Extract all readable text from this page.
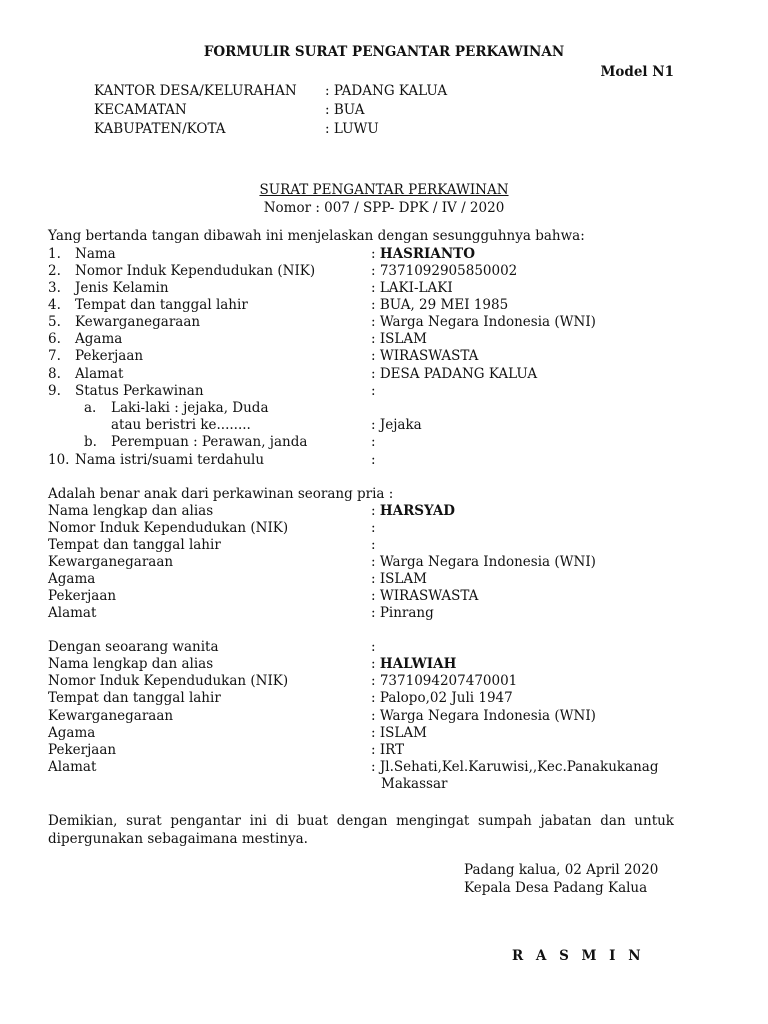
FORMULIR SURAT PENGANTAR PERKAWINAN
Model N1
KANTOR DESA/KELURAHAN : PADANG KALUA
KECAMATAN	: BUA
KABUPATEN/KOTA	: LUWU
SURAT PENGANTAR PERKAWINAN
Nomor : 007 / SPP- DPK / IV / 2020
Yang bertanda tangan dibawah ini menjelaskan dengan sesungguhnya bahwa:
1. Nama	: HASRIANTO
2. Nomor Induk Kependudukan (NIK)	: 7371092905850002
3. Jenis Kelamin	: LAKI-LAKI
4. Tempat dan tanggal lahir	: BUA, 29 MEI 1985
5. Kewarganegaraan	: Warga Negara Indonesia (WNI)
6. Agama	: ISLAM
7. Pekerjaan	: WIRASWASTA
8. Alamat	: DESA PADANG KALUA
9. Status Perkawinan	:
a. Laki-laki : jejaka, Duda
atau beristri ke........	: Jejaka
b. Perempuan : Perawan, janda	:
10. Nama istri/suami terdahulu	:
Adalah benar anak dari perkawinan seorang pria :
Nama lengkap dan alias	: HARSYAD
Nomor Induk Kependudukan (NIK)	:
Tempat dan tanggal lahir	:
Kewarganegaraan	: Warga Negara Indonesia (WNI)
Agama	: ISLAM
Pekerjaan	: WIRASWASTA
Alamat	: Pinrang
Dengan seoarang wanita	:
Nama lengkap dan alias	: HALWIAH
Nomor Induk Kependudukan (NIK)	: 7371094207470001
Tempat dan tanggal lahir	: Palopo,02 Juli 1947
Kewarganegaraan	: Warga Negara Indonesia (WNI)
Agama	: ISLAM
Pekerjaan	: IRT
Alamat	: Jl.Sehati,Kel.Karuwisi,,Kec.Panakukanag
Makassar
Demikian, surat pengantar ini di buat dengan mengingat sumpah jabatan dan untuk dipergunakan sebagaimana mestinya.
Padang kalua, 02 April 2020
Kepala Desa Padang Kalua
R A S M I N
